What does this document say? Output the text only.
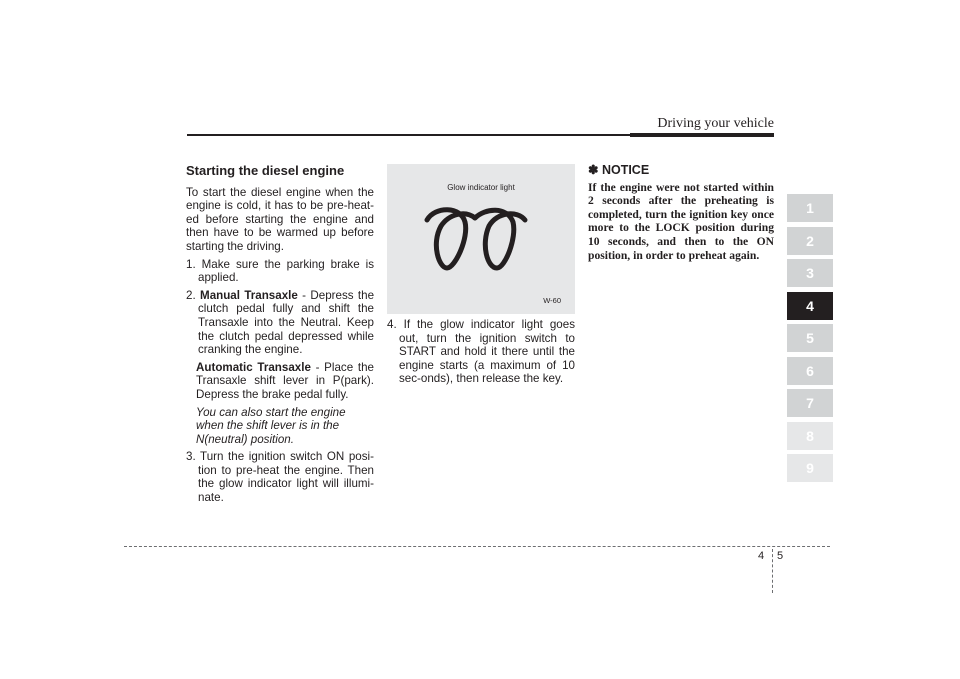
Driving your vehicle
Starting the diesel engine

To start the diesel engine when the engine is cold, it has to be pre-heat-ed before starting the engine and then have to be warmed up before starting the driving.

1. Make sure the parking brake is applied.

2. Manual Transaxle - Depress the clutch pedal fully and shift the Transaxle into the Neutral. Keep the clutch pedal depressed while cranking the engine.

Automatic Transaxle - Place the Transaxle shift lever in P(park). Depress the brake pedal fully.

You can also start the engine when the shift lever is in the N(neutral) position.

3. Turn the ignition switch ON posi-tion to pre-heat the engine. Then the glow indicator light will illumi-nate.

Glow indicator light
W-60

4. If the glow indicator light goes out, turn the ignition switch to START and hold it there until the engine starts (a maximum of 10 sec-onds), then release the key.

✽ NOTICE

If the engine were not started within 2 seconds after the preheating is completed, turn the ignition key once more to the LOCK position during 10 seconds, and then to the ON position, in order to preheat again.

1
2
3
4
5
6
7
8
9
4 5
